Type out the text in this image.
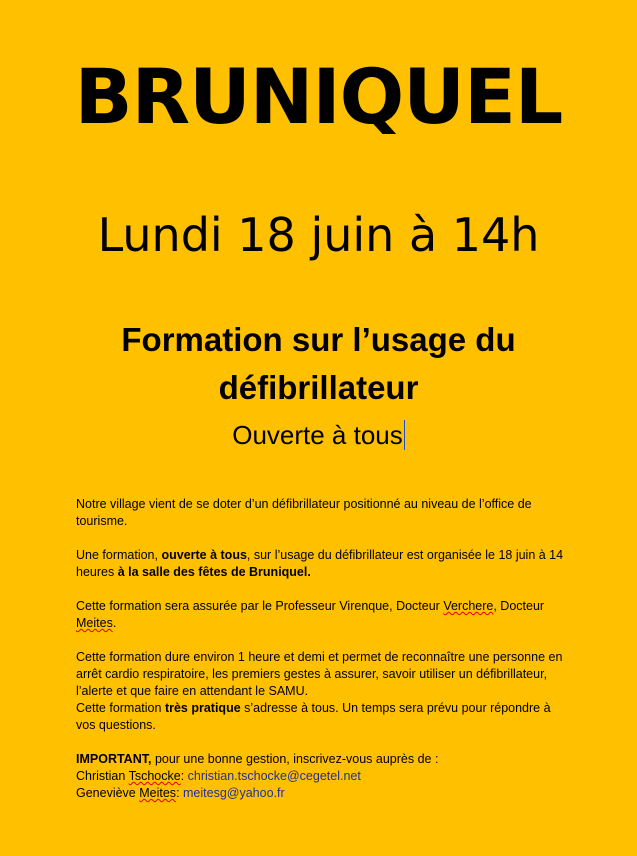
BRUNIQUEL
Lundi 18 juin à 14h
Formation sur l’usage du
défibrillateur
Ouverte à tous

Notre village vient de se doter d’un défibrillateur positionné au niveau de l’office de tourisme.

Une formation, ouverte à tous, sur l’usage du défibrillateur est organisée le 18 juin à 14 heures à la salle des fêtes de Bruniquel.

Cette formation sera assurée par le Professeur Virenque, Docteur Verchere, Docteur Meites.

Cette formation dure environ 1 heure et demi et permet de reconnaître une personne en arrêt cardio respiratoire, les premiers gestes à assurer, savoir utiliser un défibrillateur, l’alerte et que faire en attendant le SAMU.

Cette formation très pratique s’adresse à tous. Un temps sera prévu pour répondre à vos questions.

IMPORTANT, pour une bonne gestion, inscrivez-vous auprès de :

Christian Tschocke: christian.tschocke@cegetel.net

Geneviève Meites: meitesg@yahoo.fr
